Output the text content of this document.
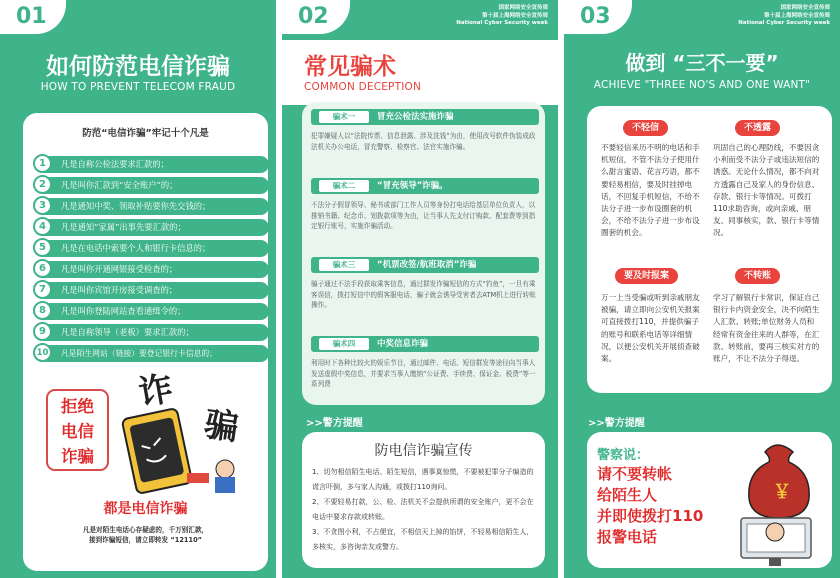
01
如何防范电信诈骗
HOW TO PREVENT TELECOM FRAUD
防范“电信诈骗”牢记十个凡是
1	凡是自称公检法要求汇款的；
2	凡是叫你汇款到“安全账户”的；
3	凡是通知中奖、领取补贴要你先交钱的；
4	凡是通知“家属”出事先要汇款的；
5	凡是在电话中索要个人和银行卡信息的；
6	凡是叫你开通网银接受检查的；
7	凡是叫你宾馆开房接受调查的；
8	凡是叫你登陆网站查看通缉令的；
9	凡是自称领导（老板）要求汇款的；
10	凡是陌生网站（链接）要登记银行卡信息的；
拒绝
电信
诈骗
诈
骗
都是电信诈骗
凡是对陌生电话心存疑虑的，千万别汇款，
接到诈骗短信，请立即转发 “12110”
02	国家网络安全宣传周
第十届上海网络安全宣传周
National Cyber Security week
常见骗术
COMMON DECEPTION
骗术一	冒充公检法实施诈骗
犯罪嫌疑人以“法院传票、信息泄露、涉及洗钱”为由，使用改号软件伪装成政法机关办公电话，冒充警察、检察官、法官实施诈骗。
骗术二	“冒充领导”诈骗。
不法分子假冒领导、秘书或部门工作人员等身份打电话给基层单位负责人，以推销书籍、纪念币、划拨款项等为由，让当事人先支付订购款、配套费等到指定银行账号，实施诈骗活动。
骗术三	“机票改签/航班取消”诈骗
骗子通过不法手段获取乘客信息，通过群发诈骗短信的方式“钓鱼”，一旦有乘客误信，拨打短信中的假客服电话，骗子就会诱导受害者去ATM机上进行转账操作。
骗术四	中奖信息诈骗
利用时下各种比较火的娱乐节目，通过邮件、电话、短信群发等途径向当事人发送虚假中奖信息，并要求当事人缴纳“公证费、手续费、保证金、税费”等一系列费
>>警方提醒
防电信诈骗宣传
1、切勿相信陌生电话、陌生短信，遇事莫惊慌，不要被犯罪分子编造的谎言吓倒，多与家人沟通，或拨打110询问。
2、不要轻易打款，公、检、法机关不会提供所谓的安全账户，更不会在电话中要求存款或转账。
3、不贪图小利，不占便宜，不相信天上掉的馅饼，不轻易相信陌生人，多核实，多咨询亲友或警方。
03	国家网络安全宣传周
第十届上海网络安全宣传周
National Cyber Security week
做到 “三不一要”
ACHIEVE "THREE NO'S AND ONE WANT"
不轻信
不要轻信来历不明的电话和手机短信，不管不法分子使用什么甜言蜜语、花言巧语，都不要轻易相信，要及时挂掉电话，不回复手机短信，不给不法分子进一步布设圈套的机会，不给不法分子进一步布设圈套的机会。
不透露
巩固自己的心理防线，不要因贪小利而受不法分子或违法短信的诱惑。无论什么情况，都不向对方透露自己及家人的身份信息、存款、银行卡等情况。可拨打110求助咨询，或向亲戚、朋友、同事核实，款、银行卡等情况。
要及时报案
万一上当受骗或听到亲戚朋友被骗，请立即向公安机关报案可直接拨打110，并提供骗子的账号和联系电话等详细情况，以便公安机关开展侦查破案。
不转账
学习了解银行卡常识，保证自己银行卡内资金安全，决不向陌生人汇款、转账;单位财务人员和经常有资金往来的人群等，在汇款、转账前，要再三核实对方的账户，不让不法分子得逞。
>>警方提醒
警察说：
请不要转帐
给陌生人
并即使拨打110
报警电话
￥
